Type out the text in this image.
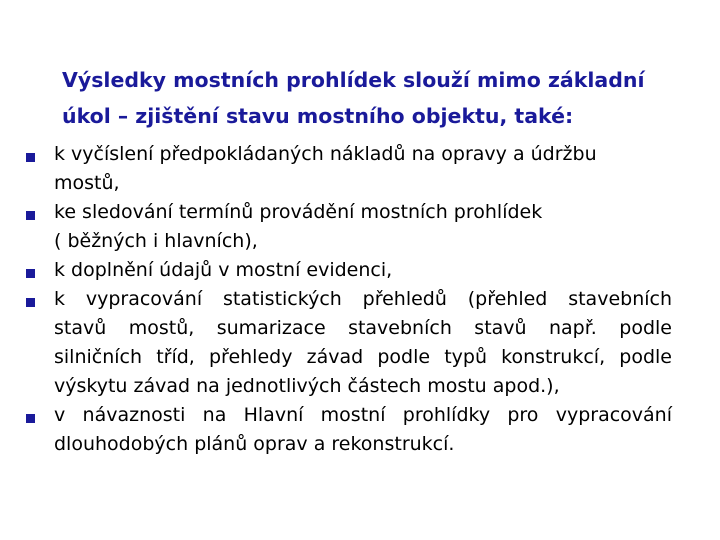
Výsledky mostních prohlídek slouží mimo základní
úkol – zjištění stavu mostního objektu, také:
k vyčíslení předpokládaných nákladů na opravy a údržbu
mostů,
ke sledování termínů provádění mostních prohlídek
( běžných i hlavních),
k doplnění údajů v mostní evidenci,
k vypracování statistických přehledů (přehled stavebních
stavů mostů, sumarizace stavebních stavů např. podle
silničních tříd, přehledy závad podle typů konstrukcí, podle
výskytu závad na jednotlivých částech mostu apod.),
v návaznosti na Hlavní mostní prohlídky pro vypracování
dlouhodobých plánů oprav a rekonstrukcí.
